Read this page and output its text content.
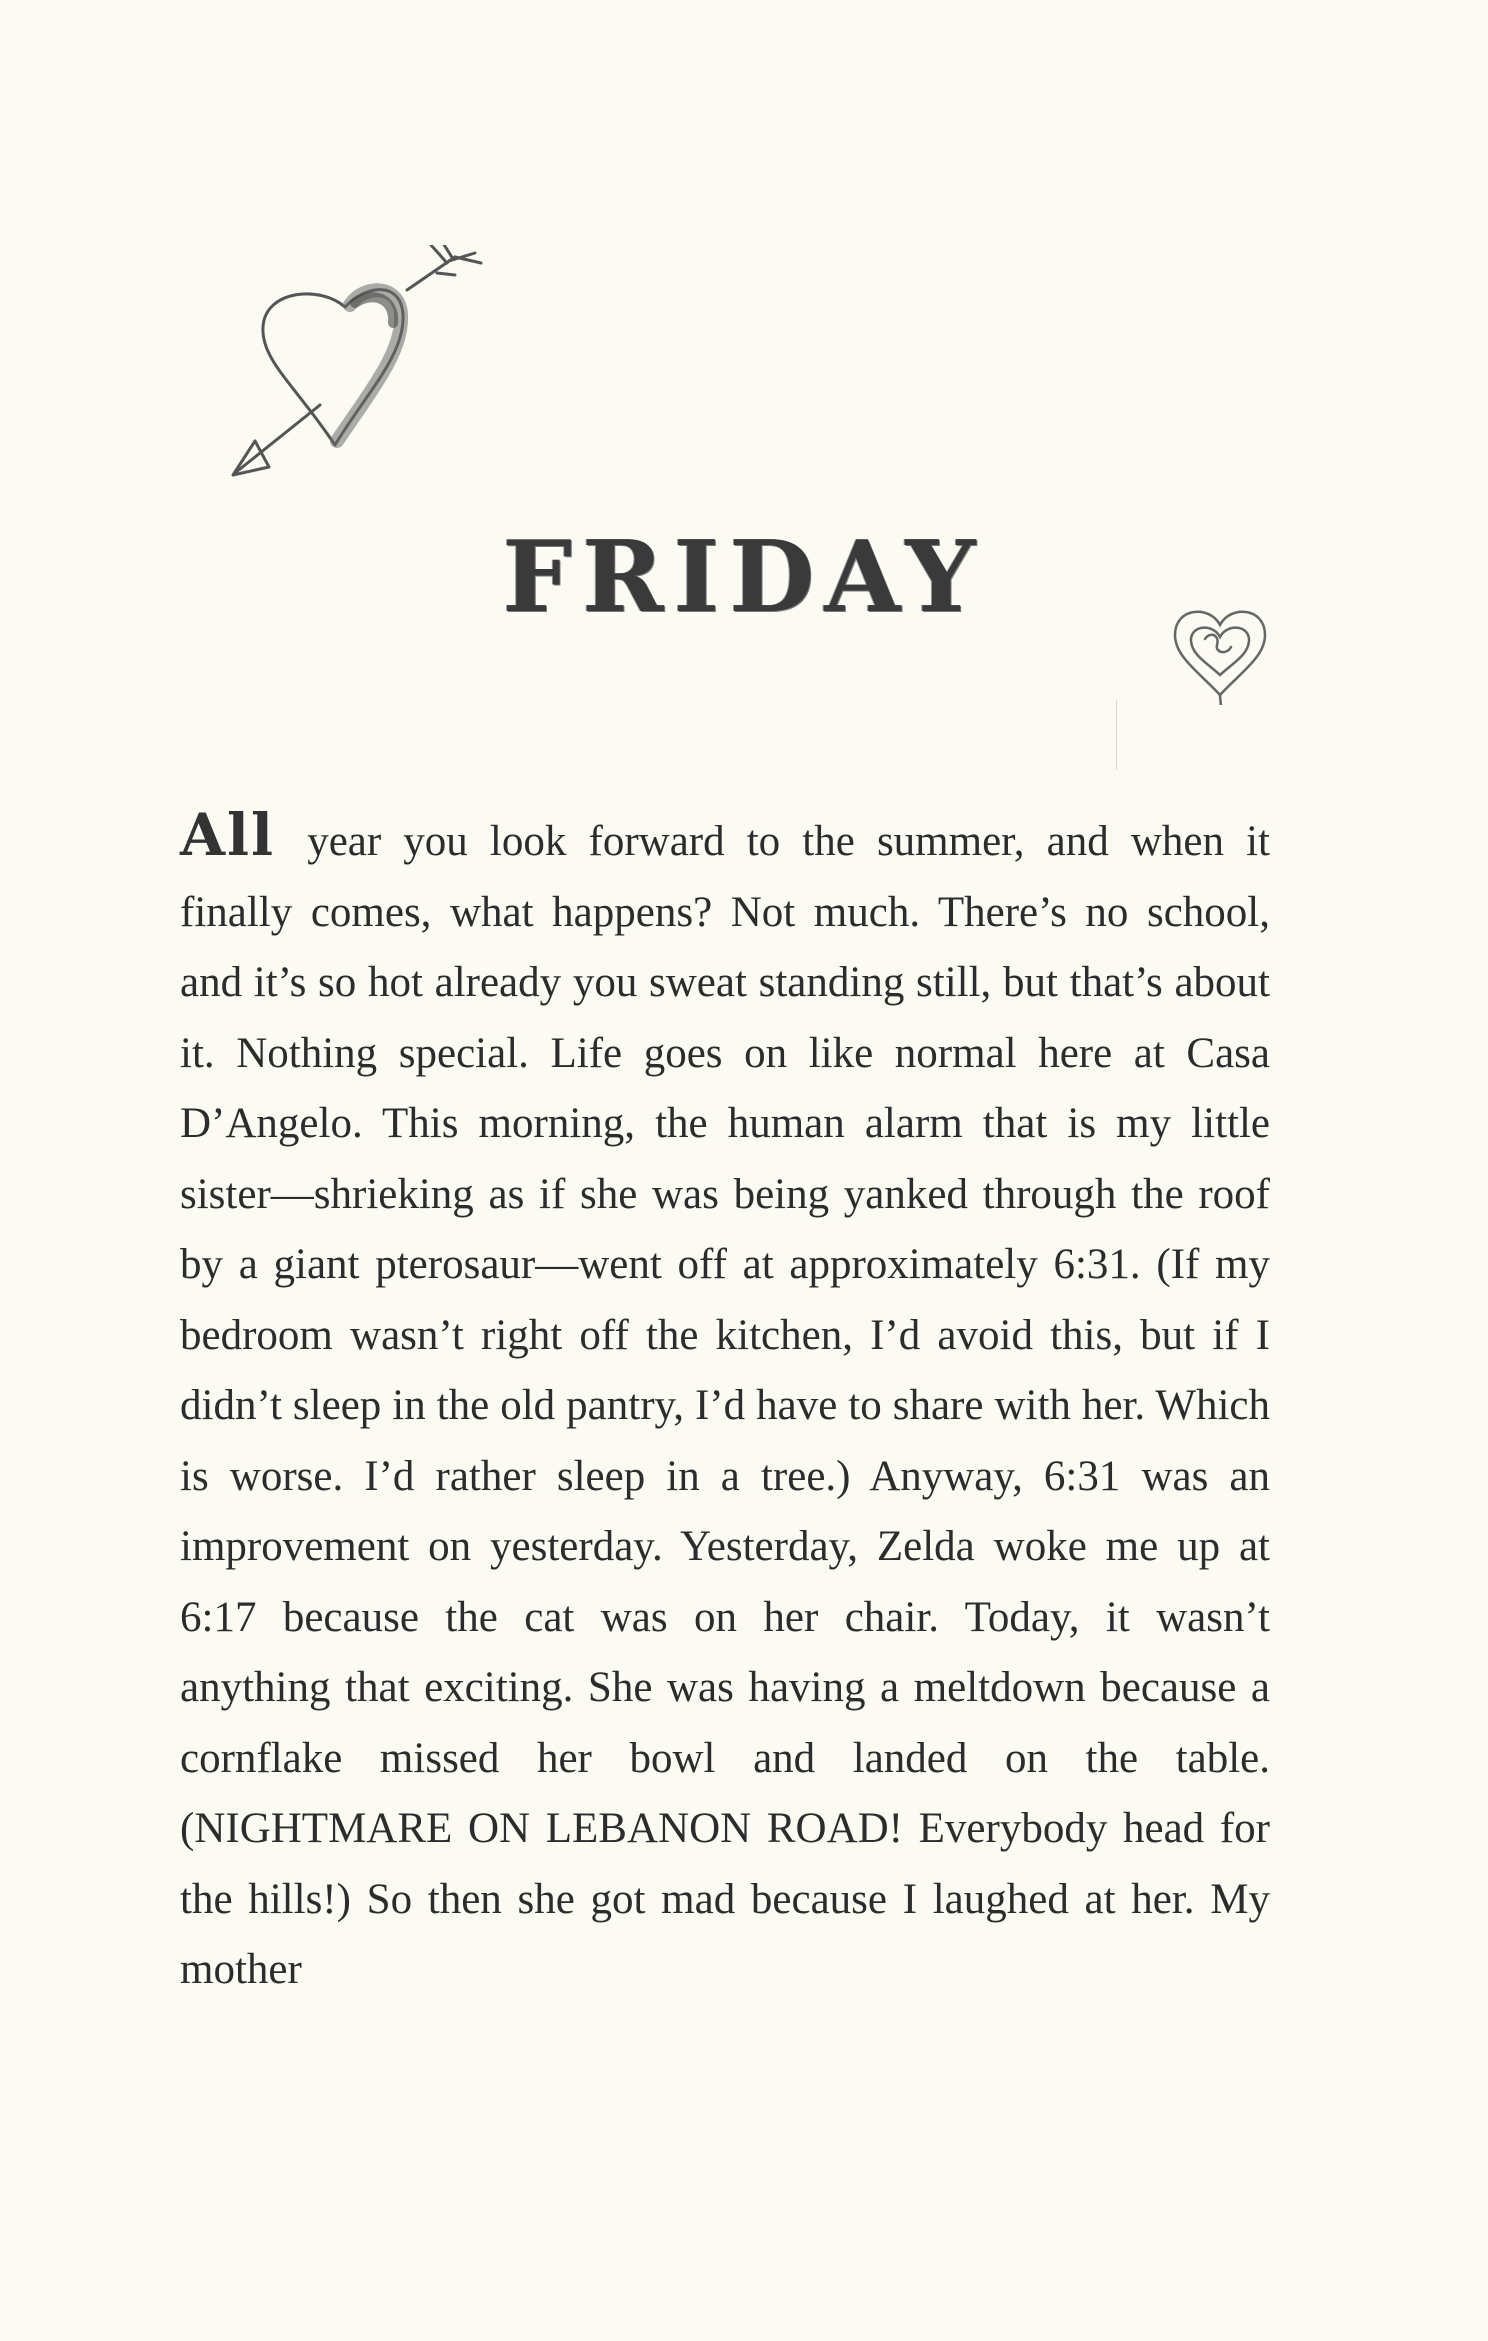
FRIDAY
All year you look forward to the summer, and when it finally comes, what happens? Not much. There’s no school, and it’s so hot already you sweat standing still, but that’s about it. Nothing special. Life goes on like normal here at Casa D’Angelo. This morning, the human alarm that is my little sister—shrieking as if she was being yanked through the roof by a giant pterosaur—went off at approximately 6:31. (If my bedroom wasn’t right off the kitchen, I’d avoid this, but if I didn’t sleep in the old pantry, I’d have to share with her. Which is worse. I’d rather sleep in a tree.) Anyway, 6:31 was an improvement on yesterday. Yesterday, Zelda woke me up at 6:17 because the cat was on her chair. Today, it wasn’t anything that exciting. She was having a meltdown because a cornflake missed her bowl and landed on the table. (NIGHTMARE ON LEBANON ROAD! Everybody head for the hills!) So then she got mad because I laughed at her. My mother
